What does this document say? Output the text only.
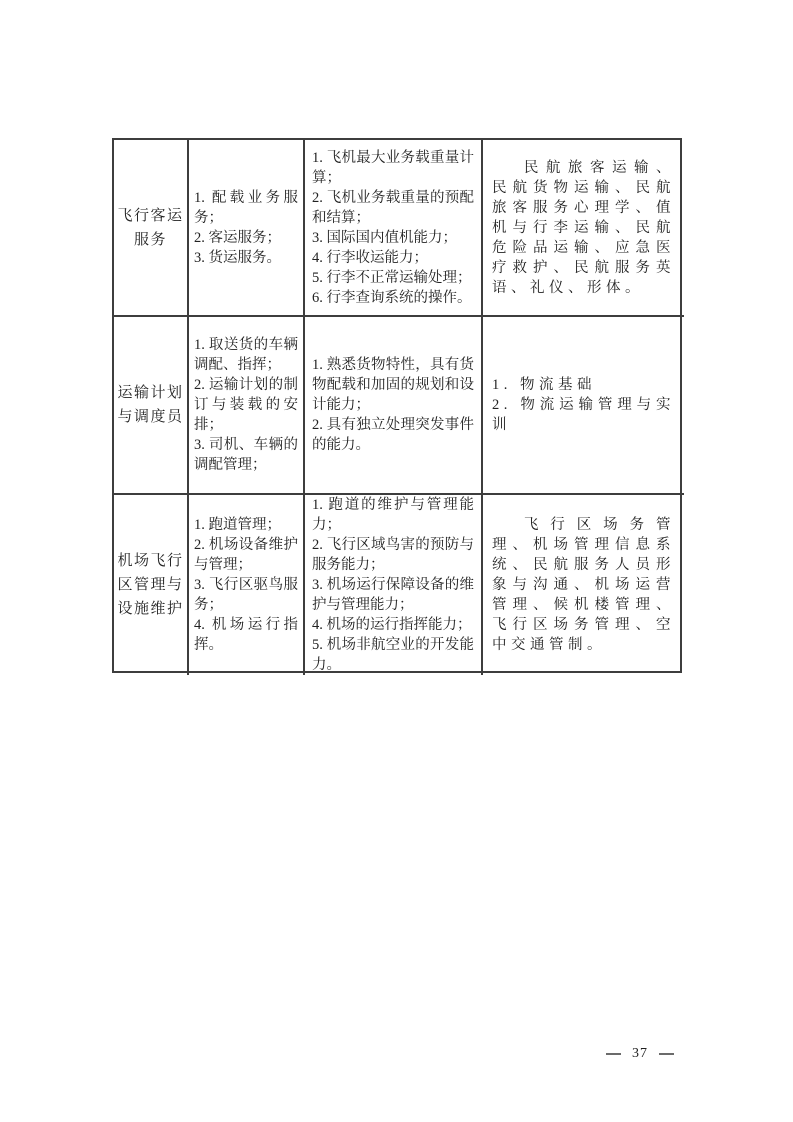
飞行客运
服务

1. 配载业务服务；

2. 客运服务；

3. 货运服务。

1. 飞机最大业务载重量计算；

2. 飞机业务载重量的预配和结算；

3. 国际国内值机能力；

4. 行李收运能力；

5. 行李不正常运输处理；

6. 行李查询系统的操作。

民航旅客运输、民航货物运输、民航旅客服务心理学、值机与行李运输、民航危险品运输、应急医疗救护、民航服务英语、礼仪、形体。

运输计划
与调度员

1. 取送货的车辆调配、指挥；

2. 运输计划的制订与装载的安排；

3. 司机、车辆的调配管理；

1. 熟悉货物特性，具有货物配载和加固的规划和设计能力；

2. 具有独立处理突发事件的能力。

1. 物流基础

2. 物流运输管理与实训

机场飞行
区管理与
设施维护

1. 跑道管理；

2. 机场设备维护与管理；

3. 飞行区驱鸟服务；

4. 机场运行指挥。

1. 跑道的维护与管理能力；

2. 飞行区域鸟害的预防与服务能力；

3. 机场运行保障设备的维护与管理能力；

4. 机场的运行指挥能力；

5. 机场非航空业的开发能力。

飞行区场务管理、机场管理信息系统、民航服务人员形象与沟通、机场运营管理、候机楼管理、飞行区场务管理、空中交通管制。

37
